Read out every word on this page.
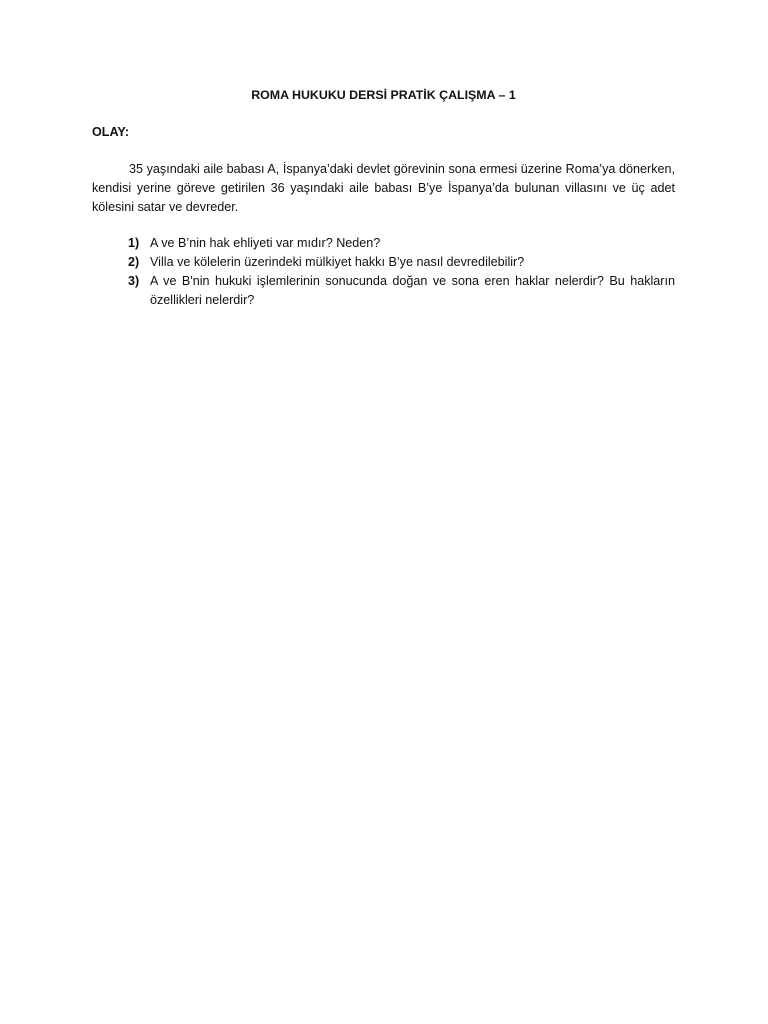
ROMA HUKUKU DERSİ PRATİK ÇALIŞMA – 1

OLAY:

35 yaşındaki aile babası A, İspanya’daki devlet görevinin sona ermesi üzerine Roma’ya dönerken, kendisi yerine göreve getirilen 36 yaşındaki aile babası B’ye İspanya’da bulunan villasını ve üç adet kölesini satar ve devreder.

1) A ve B’nin hak ehliyeti var mıdır? Neden?
2) Villa ve kölelerin üzerindeki mülkiyet hakkı B’ye nasıl devredilebilir?
3) A ve B'nin hukuki işlemlerinin sonucunda doğan ve sona eren haklar nelerdir? Bu hakların özellikleri nelerdir?
